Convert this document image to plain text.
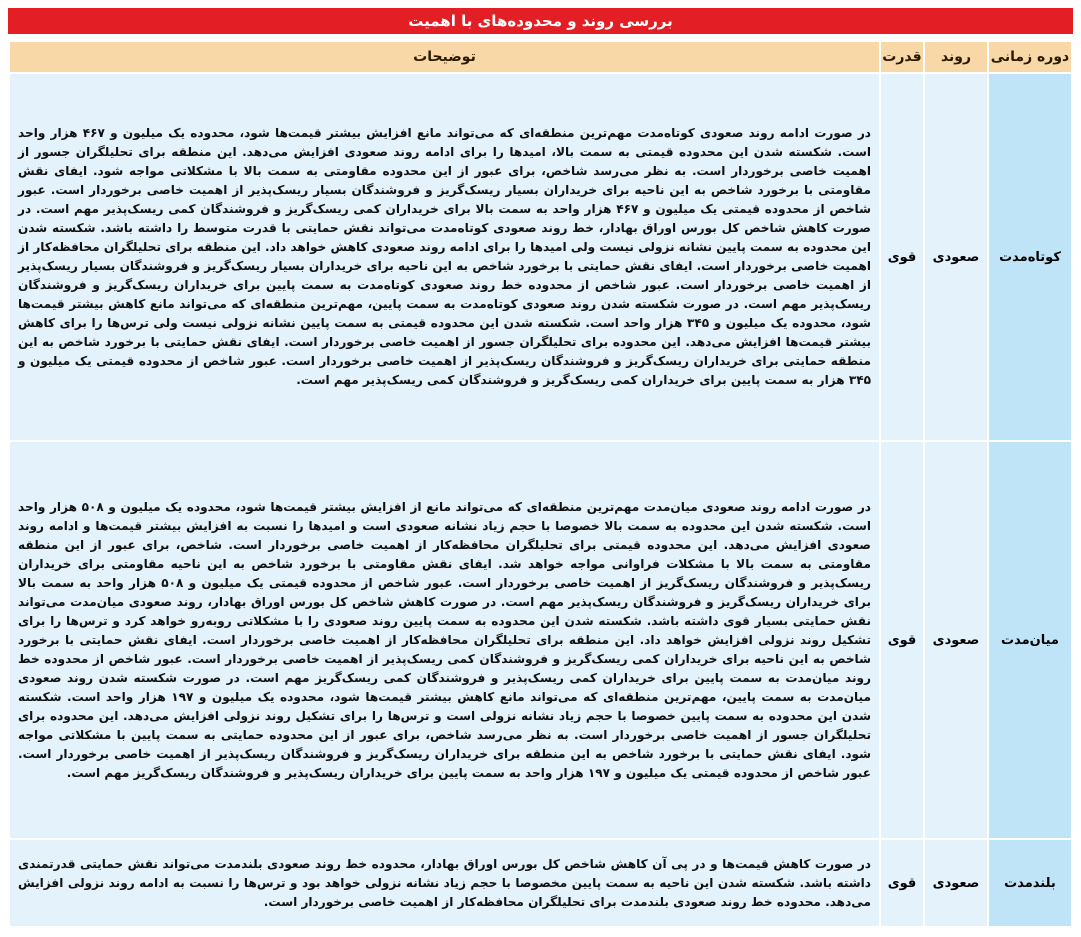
بررسی روند و محدوده‌های با اهمیت
دوره زمانی	روند	قدرت	توضیحات
کوتاه‌مدت	صعودی	قوی	در صورت ادامه روند صعودی کوتاه‌مدت مهم‌ترین منطقه‌ای که می‌تواند مانع افزایش بیشتر قیمت‌ها شود، محدوده یک میلیون و ۴۶۷ هزار واحد است. شکسته شدن این محدوده قیمتی به سمت بالا، امیدها را برای ادامه روند صعودی افزایش می‌دهد. این منطقه برای تحلیلگران جسور از اهمیت خاصی برخوردار است. به نظر می‌رسد شاخص، برای عبور از این محدوده مقاومتی به سمت بالا با مشکلاتی مواجه شود. ایفای نقش مقاومتی با برخورد شاخص به این ناحیه برای خریداران بسیار ریسک‌گریز و فروشندگان بسیار ریسک‌پذیر از اهمیت خاصی برخوردار است. عبور شاخص از محدوده قیمتی یک میلیون و ۴۶۷ هزار واحد به سمت بالا برای خریداران کمی ریسک‌گریز و فروشندگان کمی ریسک‌پذیر مهم است. در صورت کاهش شاخص کل بورس اوراق بهادار، خط روند صعودی کوتاه‌مدت می‌تواند نقش حمایتی با قدرت متوسط را داشته باشد. شکسته شدن این محدوده به سمت پایین نشانه نزولی نیست ولی امیدها را برای ادامه روند صعودی کاهش خواهد داد. این منطقه برای تحلیلگران محافظه‌کار از اهمیت خاصی برخوردار است. ایفای نقش حمایتی با برخورد شاخص به این ناحیه برای خریداران بسیار ریسک‌گریز و فروشندگان بسیار ریسک‌پذیر از اهمیت خاصی برخوردار است. عبور شاخص از محدوده خط روند صعودی کوتاه‌مدت به سمت پایین برای خریداران ریسک‌گریز و فروشندگان ریسک‌پذیر مهم است. در صورت شکسته شدن روند صعودی کوتاه‌مدت به سمت پایین، مهم‌ترین منطقه‌ای که می‌تواند مانع کاهش بیشتر قیمت‌ها شود، محدوده یک میلیون و ۳۴۵ هزار واحد است. شکسته شدن این محدوده قیمتی به سمت پایین نشانه نزولی نیست ولی ترس‌ها را برای کاهش بیشتر قیمت‌ها افزایش می‌دهد. این محدوده برای تحلیلگران جسور از اهمیت خاصی برخوردار است. ایفای نقش حمایتی با برخورد شاخص به این منطقه حمایتی برای خریداران ریسک‌گریز و فروشندگان ریسک‌پذیر از اهمیت خاصی برخوردار است. عبور شاخص از محدوده قیمتی یک میلیون و ۳۴۵ هزار به سمت پایین برای خریداران کمی ریسک‌گریز و فروشندگان کمی ریسک‌پذیر مهم است.
میان‌مدت	صعودی	قوی	در صورت ادامه روند صعودی میان‌مدت مهم‌ترین منطقه‌ای که می‌تواند مانع از افزایش بیشتر قیمت‌ها شود، محدوده یک میلیون و ۵۰۸ هزار واحد است. شکسته شدن این محدوده به سمت بالا خصوصا با حجم زیاد نشانه صعودی است و امیدها را نسبت به افزایش بیشتر قیمت‌ها و ادامه روند صعودی افزایش می‌دهد. این محدوده قیمتی برای تحلیلگران محافظه‌کار از اهمیت خاصی برخوردار است. شاخص، برای عبور از این منطقه مقاومتی به سمت بالا با مشکلات فراوانی مواجه خواهد شد. ایفای نقش مقاومتی با برخورد شاخص به این ناحیه مقاومتی برای خریداران ریسک‌پذیر و فروشندگان ریسک‌گریز از اهمیت خاصی برخوردار است. عبور شاخص از محدوده قیمتی یک میلیون و ۵۰۸ هزار واحد به سمت بالا برای خریداران ریسک‌گریز و فروشندگان ریسک‌پذیر مهم است. در صورت کاهش شاخص کل بورس اوراق بهادار، روند صعودی میان‌مدت می‌تواند نقش حمایتی بسیار قوی داشته باشد. شکسته شدن این محدوده به سمت پایین روند صعودی را با مشکلاتی روبه‌رو خواهد کرد و ترس‌ها را برای تشکیل روند نزولی افزایش خواهد داد. این منطقه برای تحلیلگران محافظه‌کار از اهمیت خاصی برخوردار است. ایفای نقش حمایتی با برخورد شاخص به این ناحیه برای خریداران کمی ریسک‌گریز و فروشندگان کمی ریسک‌پذیر از اهمیت خاصی برخوردار است. عبور شاخص از محدوده خط روند میان‌مدت به سمت پایین برای خریداران کمی ریسک‌پذیر و فروشندگان کمی ریسک‌گریز مهم است. در صورت شکسته شدن روند صعودی میان‌مدت به سمت پایین، مهم‌ترین منطقه‌ای که می‌تواند مانع کاهش بیشتر قیمت‌ها شود، محدوده یک میلیون و ۱۹۷ هزار واحد است. شکسته شدن این محدوده به سمت پایین خصوصا با حجم زیاد نشانه نزولی است و ترس‌ها را برای تشکیل روند نزولی افزایش می‌دهد. این محدوده برای تحلیلگران جسور از اهمیت خاصی برخوردار است. به نظر می‌رسد شاخص، برای عبور از این محدوده حمایتی به سمت پایین با مشکلاتی مواجه شود. ایفای نقش حمایتی با برخورد شاخص به این منطقه برای خریداران ریسک‌گریز و فروشندگان ریسک‌پذیر از اهمیت خاصی برخوردار است. عبور شاخص از محدوده قیمتی یک میلیون و ۱۹۷ هزار واحد به سمت پایین برای خریداران ریسک‌پذیر و فروشندگان ریسک‌گریز مهم است.
بلندمدت	صعودی	قوی	در صورت کاهش قیمت‌ها و در پی آن کاهش شاخص کل بورس اوراق بهادار، محدوده خط روند صعودی بلندمدت می‌تواند نقش حمایتی قدرتمندی داشته باشد. شکسته شدن این ناحیه به سمت پایین مخصوصا با حجم زیاد نشانه نزولی خواهد بود و ترس‌ها را نسبت به ادامه روند نزولی افزایش می‌دهد. محدوده خط روند صعودی بلندمدت برای تحلیلگران محافظه‌کار از اهمیت خاصی برخوردار است.
